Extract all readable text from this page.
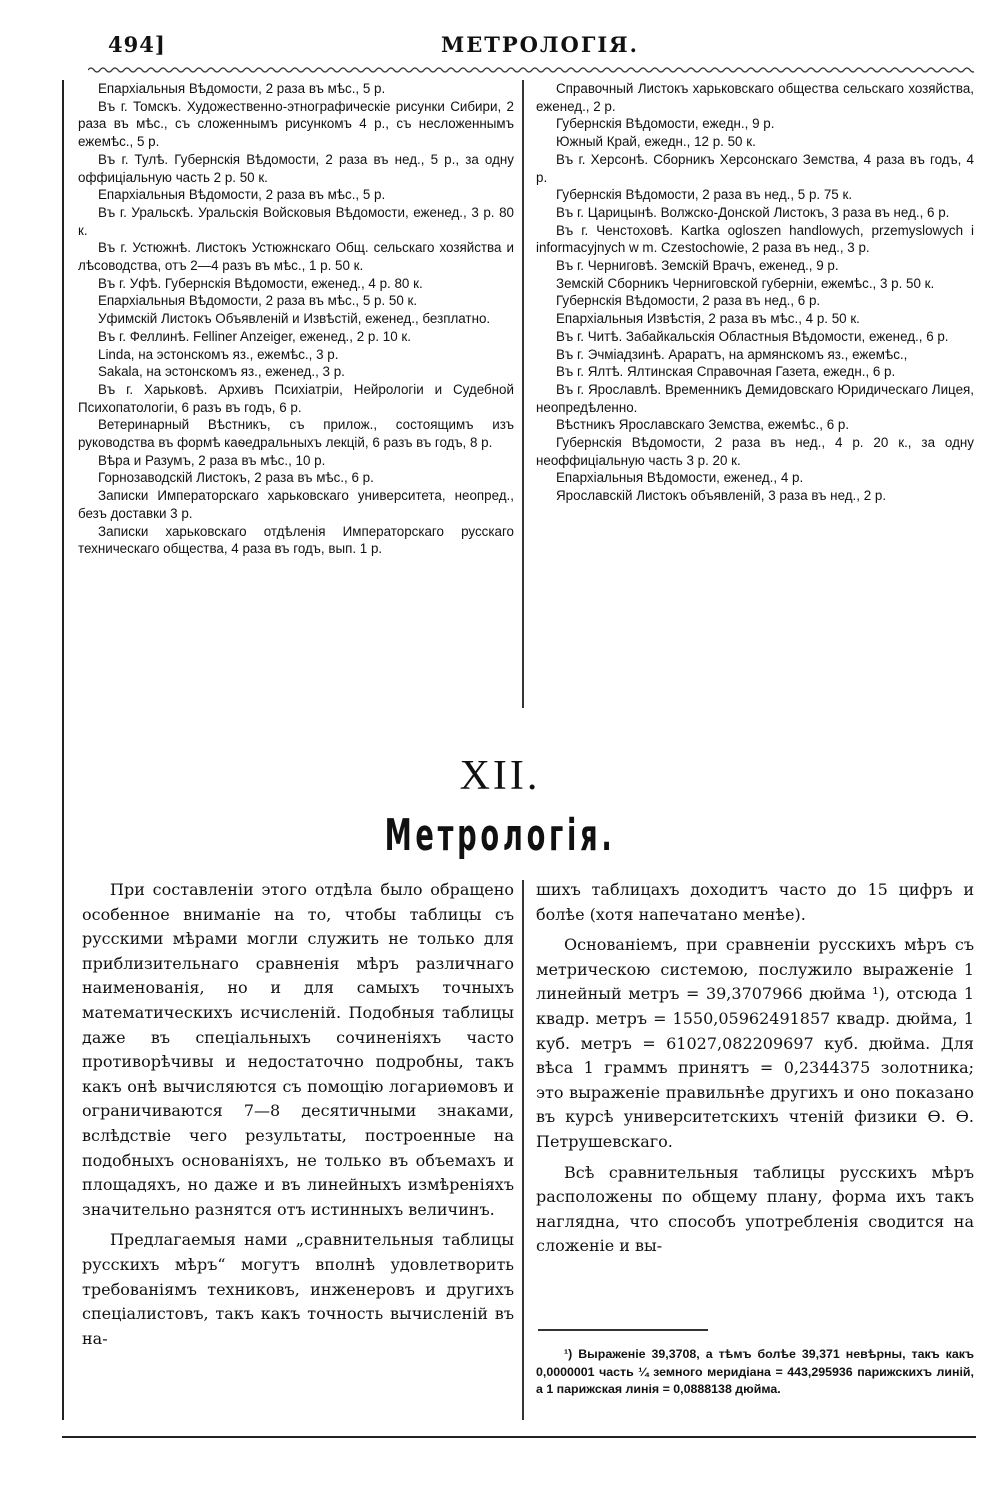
494]	МЕТРОЛОГІЯ.
Епархіальныя Вѣдомости, 2 раза въ мѣс., 5 р.
Въ г. Томскъ. Художественно-этнографическіе рисунки Сибири, 2 раза въ мѣс., съ сложеннымъ рисункомъ 4 р., съ несложеннымъ ежемѣс., 5 р.
Въ г. Тулѣ. Губернскія Вѣдомости, 2 раза въ нед., 5 р., за одну оффиціальную часть 2 р. 50 к.
Епархіальныя Вѣдомости, 2 раза въ мѣс., 5 р.
Въ г. Уральскѣ. Уральскія Войсковыя Вѣдомости, еженед., 3 р. 80 к.
Въ г. Устюжнѣ. Листокъ Устюжнскаго Общ. сельскаго хозяйства и лѣсоводства, отъ 2—4 разъ въ мѣс., 1 р. 50 к.
Въ г. Уфѣ. Губернскія Вѣдомости, еженед., 4 р. 80 к.
Епархіальныя Вѣдомости, 2 раза въ мѣс., 5 р. 50 к.
Уфимскій Листокъ Объявленій и Извѣстій, еженед., безплатно.
Въ г. Феллинѣ. Felliner Anzeiger, еженед., 2 р. 10 к.
Linda, на эстонскомъ яз., ежемѣс., 3 р.
Sakala, на эстонскомъ яз., еженед., 3 р.
Въ г. Харьковѣ. Архивъ Психіатріи, Нейрологіи и Судебной Психопатологіи, 6 разъ въ годъ, 6 р.
Ветеринарный Вѣстникъ, съ прилож., состоящимъ изъ руководства въ формѣ каѳедральныхъ лекцій, 6 разъ въ годъ, 8 р.
Вѣра и Разумъ, 2 раза въ мѣс., 10 р.
Горнозаводскій Листокъ, 2 раза въ мѣс., 6 р.
Записки Императорскаго харьковскаго университета, неопред., безъ доставки 3 р.
Записки харьковскаго отдѣленія Императорскаго русскаго техническаго общества, 4 раза въ годъ, вып. 1 р.
Справочный Листокъ харьковскаго общества сельскаго хозяйства, еженед., 2 р.
Губернскія Вѣдомости, ежедн., 9 р.
Южный Край, ежедн., 12 р. 50 к.
Въ г. Херсонѣ. Сборникъ Херсонскаго Земства, 4 раза въ годъ, 4 р.
Губернскія Вѣдомости, 2 раза въ нед., 5 р. 75 к.
Въ г. Царицынѣ. Волжско-Донской Листокъ, 3 раза въ нед., 6 р.
Въ г. Ченстоховѣ. Kartka ogloszen handlowych, przemyslowych i informacyjnych w m. Czestochowie, 2 раза въ нед., 3 р.
Въ г. Черниговѣ. Земскій Врачъ, еженед., 9 р.
Земскій Сборникъ Черниговской губерніи, ежемѣс., 3 р. 50 к.
Губернскія Вѣдомости, 2 раза въ нед., 6 р.
Епархіальныя Извѣстія, 2 раза въ мѣс., 4 р. 50 к.
Въ г. Читѣ. Забайкальскія Областныя Вѣдомости, еженед., 6 р.
Въ г. Эчміадзинѣ. Араратъ, на армянскомъ яз., ежемѣс.,
Въ г. Ялтѣ. Ялтинская Справочная Газета, ежедн., 6 р.
Въ г. Ярославлѣ. Временникъ Демидовскаго Юридическаго Лицея, неопредѣленно.
Вѣстникъ Ярославскаго Земства, ежемѣс., 6 р.
Губернскія Вѣдомости, 2 раза въ нед., 4 р. 20 к., за одну неоффиціальную часть 3 р. 20 к.
Епархіальныя Вѣдомости, еженед., 4 р.
Ярославскій Листокъ объявленій, 3 раза въ нед., 2 р.
XII.
Метрологія.

При составленіи этого отдѣла было обращено особенное вниманіе на то, чтобы таблицы съ русскими мѣрами могли служить не только для приблизительнаго сравненія мѣръ различнаго наименованія, но и для самыхъ точныхъ математическихъ исчисленій. Подобныя таблицы даже въ спеціальныхъ сочиненіяхъ часто противорѣчивы и недостаточно подробны, такъ какъ онѣ вычисляются съ помощію логариѳмовъ и ограничиваются 7—8 десятичными знаками, вслѣдствіе чего результаты, построенные на подобныхъ основаніяхъ, не только въ объемахъ и площадяхъ, но даже и въ линейныхъ измѣреніяхъ значительно разнятся отъ истинныхъ величинъ.

Предлагаемыя нами „сравнительныя таблицы русскихъ мѣръ“ могутъ вполнѣ удовлетворить требованіямъ техниковъ, инженеровъ и другихъ спеціалистовъ, такъ какъ точность вычисленій въ на-

шихъ таблицахъ доходитъ часто до 15 цифръ и болѣе (хотя напечатано менѣе).

Основаніемъ, при сравненіи русскихъ мѣръ съ метрическою системою, послужило выраженіе 1 линейный метръ = 39,3707966 дюйма ¹), отсюда 1 квадр. метръ = 1550,05962491857 квадр. дюйма, 1 куб. метръ = 61027,082209697 куб. дюйма. Для вѣса 1 граммъ принятъ = 0,2344375 золотника; это выраженіе правильнѣе другихъ и оно показано въ курсѣ университетскихъ чтеній физики Ѳ. Ѳ. Петрушевскаго.

Всѣ сравнительныя таблицы русскихъ мѣръ расположены по общему плану, форма ихъ такъ наглядна, что способъ употребленія сводится на сложеніе и вы-

¹) Выраженіе 39,3708, а тѣмъ болѣе 39,371 невѣрны, такъ какъ 0,0000001 часть ¼ земного меридіана = 443,295936 парижскихъ линій, а 1 парижская линія = 0,0888138 дюйма.
